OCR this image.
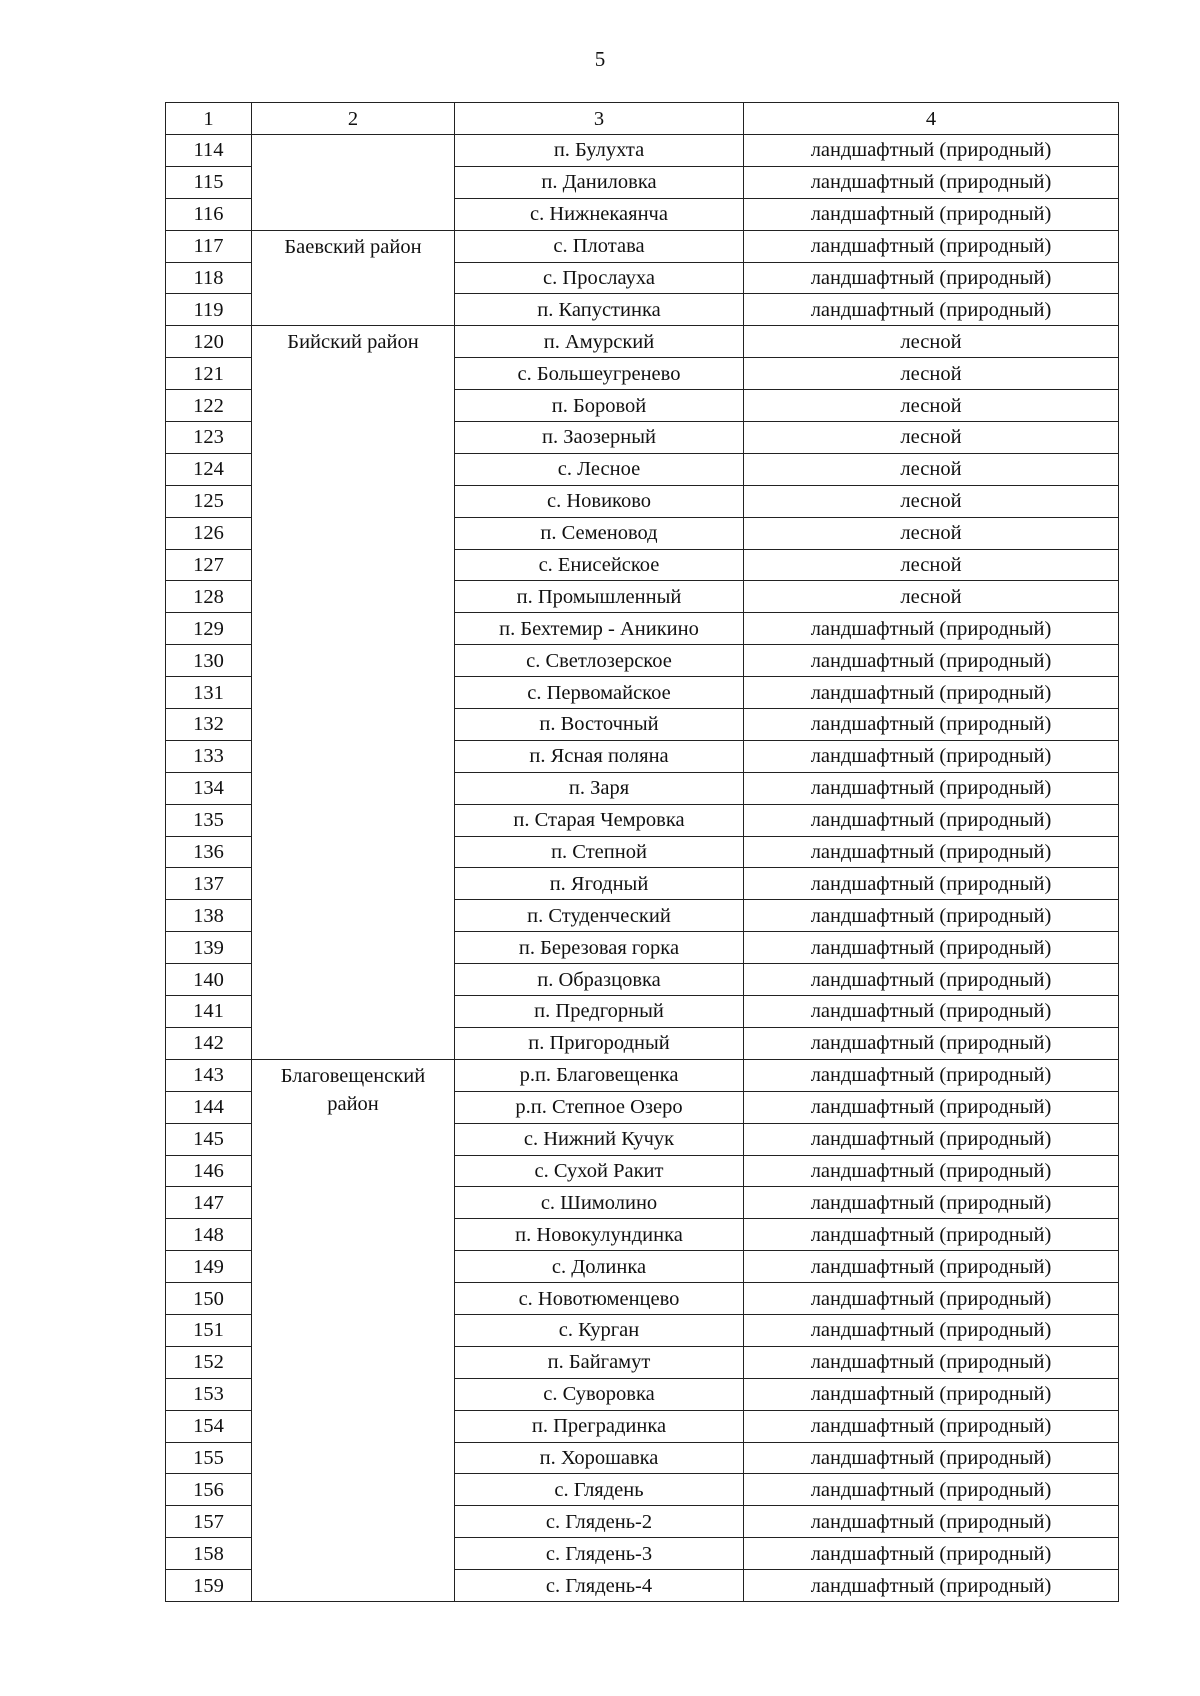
5
1	2	3	4
114		п. Булухта	ландшафтный (природный)
115		п. Даниловка	ландшафтный (природный)
116		с. Нижнекаянча	ландшафтный (природный)
117	Баевский район	с. Плотава	ландшафтный (природный)
118		с. Прослауха	ландшафтный (природный)
119		п. Капустинка	ландшафтный (природный)
120	Бийский район	п. Амурский	лесной
121		с. Большеугренево	лесной
122		п. Боровой	лесной
123		п. Заозерный	лесной
124		с. Лесное	лесной
125		с. Новиково	лесной
126		п. Семеновод	лесной
127		с. Енисейское	лесной
128		п. Промышленный	лесной
129		п. Бехтемир - Аникино	ландшафтный (природный)
130		с. Светлозерское	ландшафтный (природный)
131		с. Первомайское	ландшафтный (природный)
132		п. Восточный	ландшафтный (природный)
133		п. Ясная поляна	ландшафтный (природный)
134		п. Заря	ландшафтный (природный)
135		п. Старая Чемровка	ландшафтный (природный)
136		п. Степной	ландшафтный (природный)
137		п. Ягодный	ландшафтный (природный)
138		п. Студенческий	ландшафтный (природный)
139		п. Березовая горка	ландшафтный (природный)
140		п. Образцовка	ландшафтный (природный)
141		п. Предгорный	ландшафтный (природный)
142		п. Пригородный	ландшафтный (природный)
143	Благовещенский район	р.п. Благовещенка	ландшафтный (природный)
144		р.п. Степное Озеро	ландшафтный (природный)
145		с. Нижний Кучук	ландшафтный (природный)
146		с. Сухой Ракит	ландшафтный (природный)
147		с. Шимолино	ландшафтный (природный)
148		п. Новокулундинка	ландшафтный (природный)
149		с. Долинка	ландшафтный (природный)
150		с. Новотюменцево	ландшафтный (природный)
151		с. Курган	ландшафтный (природный)
152		п. Байгамут	ландшафтный (природный)
153		с. Суворовка	ландшафтный (природный)
154		п. Преградинка	ландшафтный (природный)
155		п. Хорошавка	ландшафтный (природный)
156		с. Глядень	ландшафтный (природный)
157		с. Глядень-2	ландшафтный (природный)
158		с. Глядень-3	ландшафтный (природный)
159		с. Глядень-4	ландшафтный (природный)
